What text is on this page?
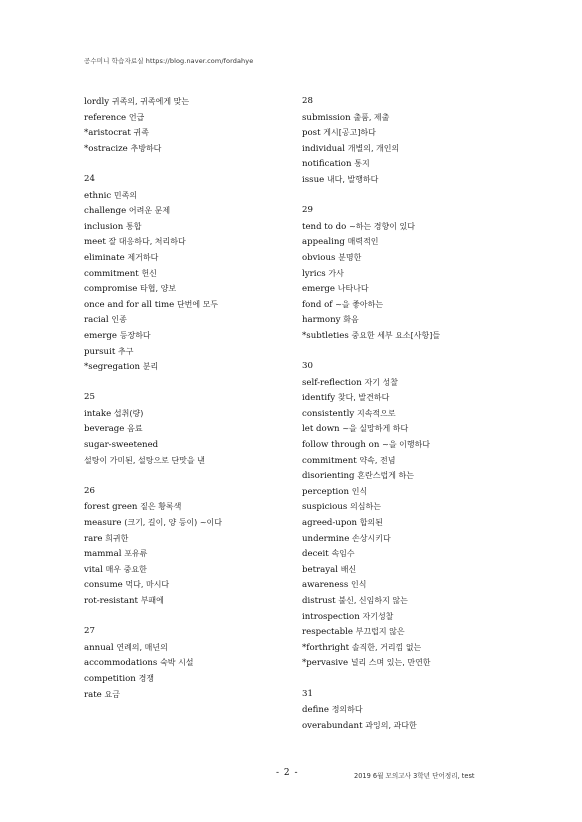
공수미니 학습자료실 https://blog.naver.com/fordahye
lordly 귀족의, 귀족에게 맞는
reference 언급
*aristocrat 귀족
*ostracize 추방하다
24
ethnic 민족의
challenge 어려운 문제
inclusion 통합
meet 잘 대응하다, 처리하다
eliminate 제거하다
commitment 헌신
compromise 타협, 양보
once and for all time 단번에 모두
racial 인종
emerge 등장하다
pursuit 추구
*segregation 분리
25
intake 섭취(량)
beverage 음료
sugar-sweetened
설탕이 가미된, 설탕으로 단맛을 낸
26
forest green 짙은 황록색
measure (크기, 길이, 양 등이) ~이다
rare 희귀한
mammal 포유류
vital 매우 중요한
consume 먹다, 마시다
rot-resistant 부패에
27
annual 연례의, 매년의
accommodations 숙박 시설
competition 경쟁
rate 요금
28
submission 출품, 제출
post 게시[공고]하다
individual 개별의, 개인의
notification 통지
issue 내다, 발행하다
29
tend to do ~하는 경향이 있다
appealing 매력적인
obvious 분명한
lyrics 가사
emerge 나타나다
fond of ~을 좋아하는
harmony 화음
*subtleties 중요한 세부 요소[사항]들
30
self-reflection 자기 성찰
identify 찾다, 발견하다
consistently 지속적으로
let down ~을 실망하게 하다
follow through on ~을 이행하다
commitment 약속, 전념
disorienting 혼란스럽게 하는
perception 인식
suspicious 의심하는
agreed-upon 합의된
undermine 손상시키다
deceit 속임수
betrayal 배신
awareness 인식
distrust 불신, 신임하지 않는
introspection 자기성찰
respectable 부끄럽지 않은
*forthright 솔직한, 거리낌 없는
*pervasive 널리 스며 있는, 만연한
31
define 정의하다
overabundant 과잉의, 과다한
- 2 -	2019 6월 모의고사 3학년 단어정리, test
